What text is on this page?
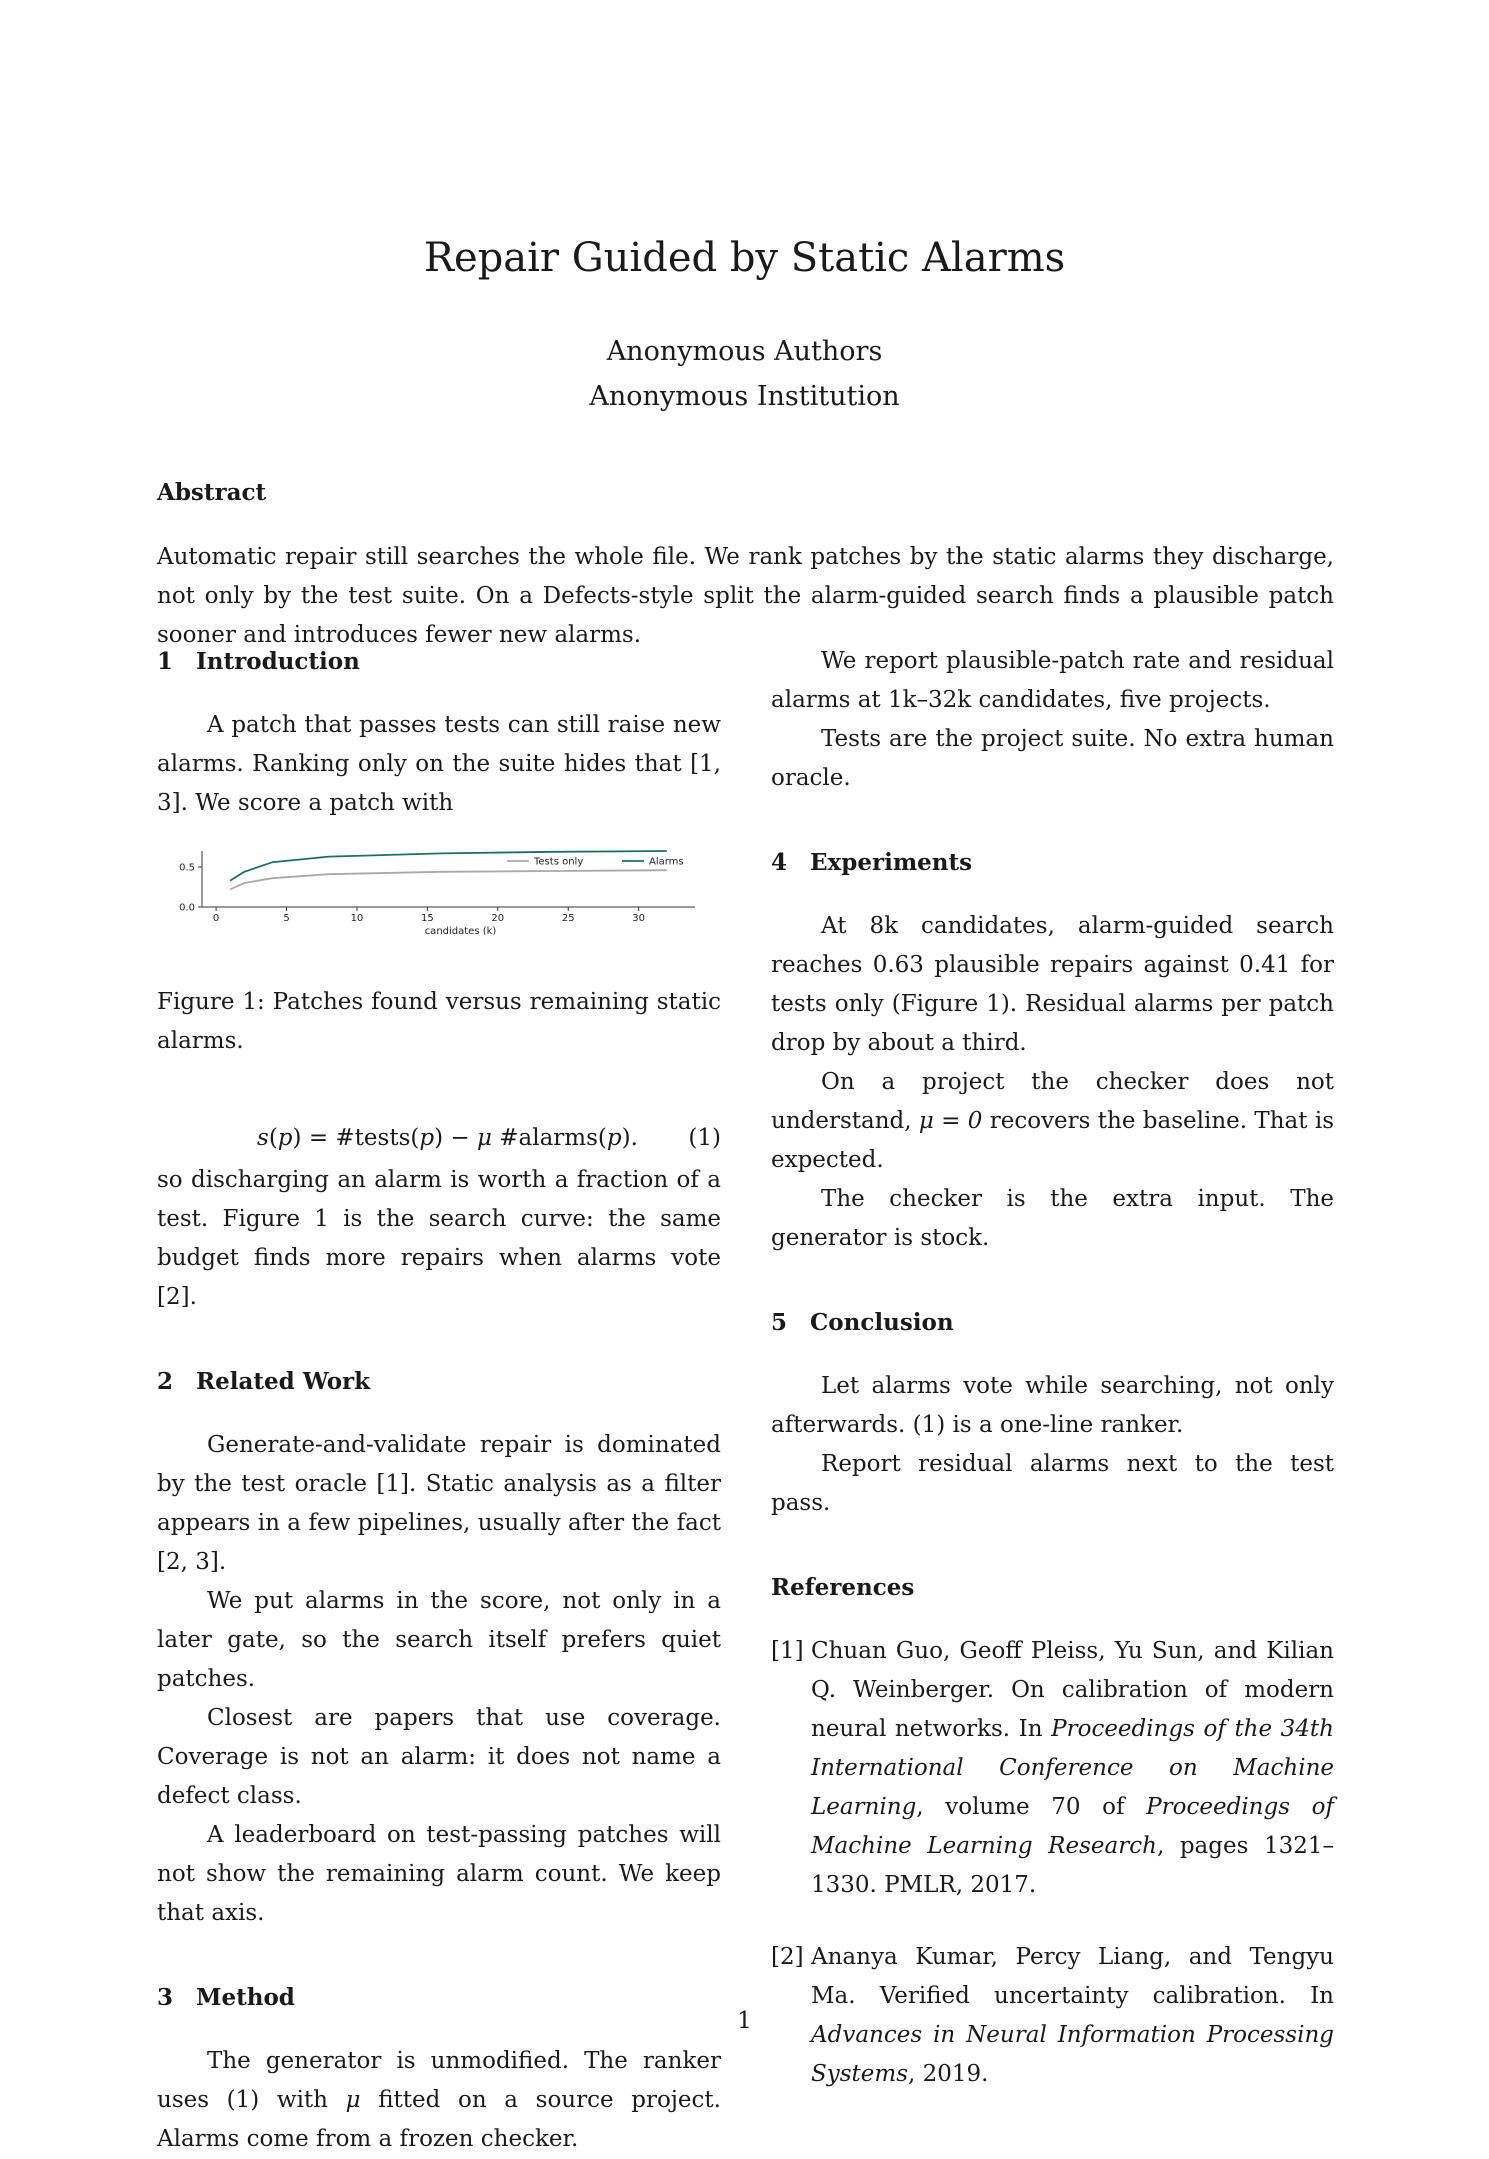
Repair Guided by Static Alarms
Anonymous Authors
Anonymous Institution
Abstract

Automatic repair still searches the whole file. We rank patches by the static alarms they discharge, not only by the test suite. On a Defects-style split the alarm-guided search finds a plausible patch sooner and introduces fewer new alarms.

1 Introduction

A patch that passes tests can still raise new alarms. Ranking only on the suite hides that [1, 3]. We score a patch with

0	5	10	15	20	25	30
0.0
0.5
candidates (k)
Tests only	Alarms

Figure 1: Patches found versus remaining static alarms.

s(p) = #tests(p) − μ #alarms(p). (1)

so discharging an alarm is worth a fraction of a test. Figure 1 is the search curve: the same budget finds more repairs when alarms vote [2].

2 Related Work

Generate-and-validate repair is dominated by the test oracle [1]. Static analysis as a filter appears in a few pipelines, usually after the fact [2, 3].

We put alarms in the score, not only in a later gate, so the search itself prefers quiet patches.

Closest are papers that use coverage. Coverage is not an alarm: it does not name a defect class.

A leaderboard on test-passing patches will not show the remaining alarm count. We keep that axis.

3 Method

The generator is unmodified. The ranker uses (1) with μ fitted on a source project. Alarms come from a frozen checker.

We report plausible-patch rate and residual alarms at 1k–32k candidates, five projects.

Tests are the project suite. No extra human oracle.

4 Experiments

At 8k candidates, alarm-guided search reaches 0.63 plausible repairs against 0.41 for tests only (Figure 1). Residual alarms per patch drop by about a third.

On a project the checker does not understand, μ = 0 recovers the baseline. That is expected.

The checker is the extra input. The generator is stock.

5 Conclusion

Let alarms vote while searching, not only afterwards. (1) is a one-line ranker.

Report residual alarms next to the test pass.

References

[1] Chuan Guo, Geoff Pleiss, Yu Sun, and Kilian Q. Weinberger. On calibration of modern neural networks. In Proceedings of the 34th International Conference on Machine Learning, volume 70 of Proceedings of Machine Learning Research, pages 1321–1330. PMLR, 2017.

[2] Ananya Kumar, Percy Liang, and Tengyu Ma. Verified uncertainty calibration. In Advances in Neural Information Processing Systems, 2019.

1
